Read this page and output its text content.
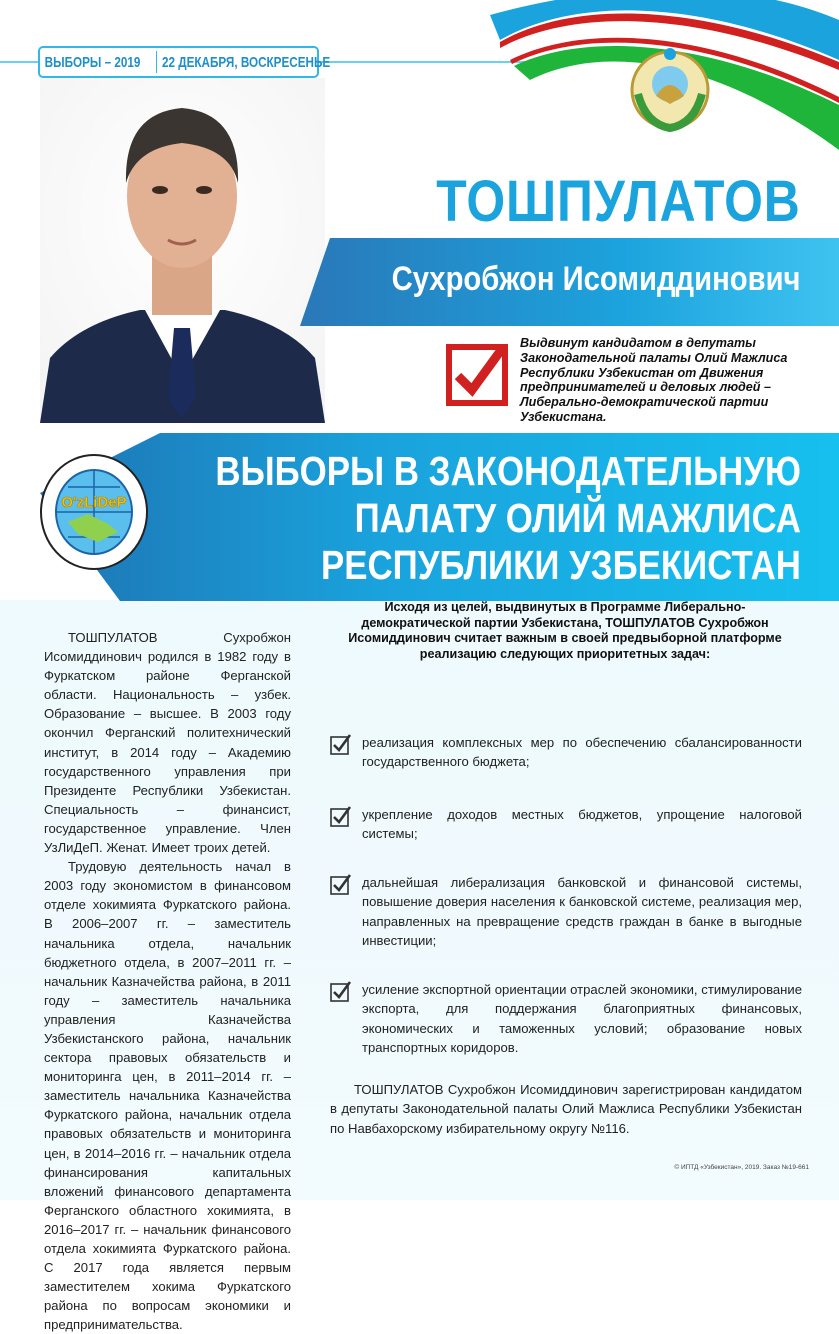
ВЫБОРЫ – 2019 22 ДЕКАБРЯ, ВОСКРЕСЕНЬЕ
ТОШПУЛАТОВ
Сухробжон Исомиддинович
Выдвинут кандидатом в депутаты Законодательной палаты Олий Мажлиса Республики Узбекистан от Движения предпринимателей и деловых людей – Либерально-демократической партии Узбекистана.
O'zLiDeP
ВЫБОРЫ В ЗАКОНОДАТЕЛЬНУЮ
ПАЛАТУ ОЛИЙ МАЖЛИСА
РЕСПУБЛИКИ УЗБЕКИСТАН

ТОШПУЛАТОВ Сухробжон Исомиддинович родился в 1982 году в Фуркатском районе Ферганской области. Национальность – узбек. Образование – высшее. В 2003 году окончил Ферганский политехнический институт, в 2014 году – Академию государственного управления при Президенте Республики Узбекистан. Специальность – финансист, государственное управление. Член УзЛиДеП. Женат. Имеет троих детей.

Трудовую деятельность начал в 2003 году экономистом в финансовом отделе хокимията Фуркатского района. В 2006–2007 гг. – заместитель начальника отдела, начальник бюджетного отдела, в 2007–2011 гг. – начальник Казначейства района, в 2011 году – заместитель начальника управления Казначейства Узбекистанского района, начальник сектора правовых обязательств и мониторинга цен, в 2011–2014 гг. – заместитель начальника Казначейства Фуркатского района, начальник отдела правовых обязательств и мониторинга цен, в 2014–2016 гг. – начальник отдела финансирования капитальных вложений финансового департамента Ферганского областного хокимията, в 2016–2017 гг. – начальник финансового отдела хокимията Фуркатского района. С 2017 года является первым заместителем хокима Фуркатского района по вопросам экономики и предпринимательства.

Исходя из целей, выдвинутых в Программе Либерально-демократической партии Узбекистана, ТОШПУЛАТОВ Сухробжон Исомиддинович считает важным в своей предвыборной платформе реализацию следующих приоритетных задач:
реализация комплексных мер по обеспечению сбалансированности государственного бюджета;
укрепление доходов местных бюджетов, упрощение налоговой системы;
дальнейшая либерализация банковской и финансовой системы, повышение доверия населения к банковской системе, реализация мер, направленных на превращение средств граждан в банке в выгодные инвестиции;
усиление экспортной ориентации отраслей экономики, стимулирование экспорта, для поддержания благоприятных финансовых, экономических и таможенных условий; образование новых транспортных коридоров.
ТОШПУЛАТОВ Сухробжон Исомиддинович зарегистрирован кандидатом в депутаты Законодательной палаты Олий Мажлиса Республики Узбекистан по Навбахорскому избирательному округу №116.
© ИПТД «Узбекистан», 2019. Заказ №19-661
